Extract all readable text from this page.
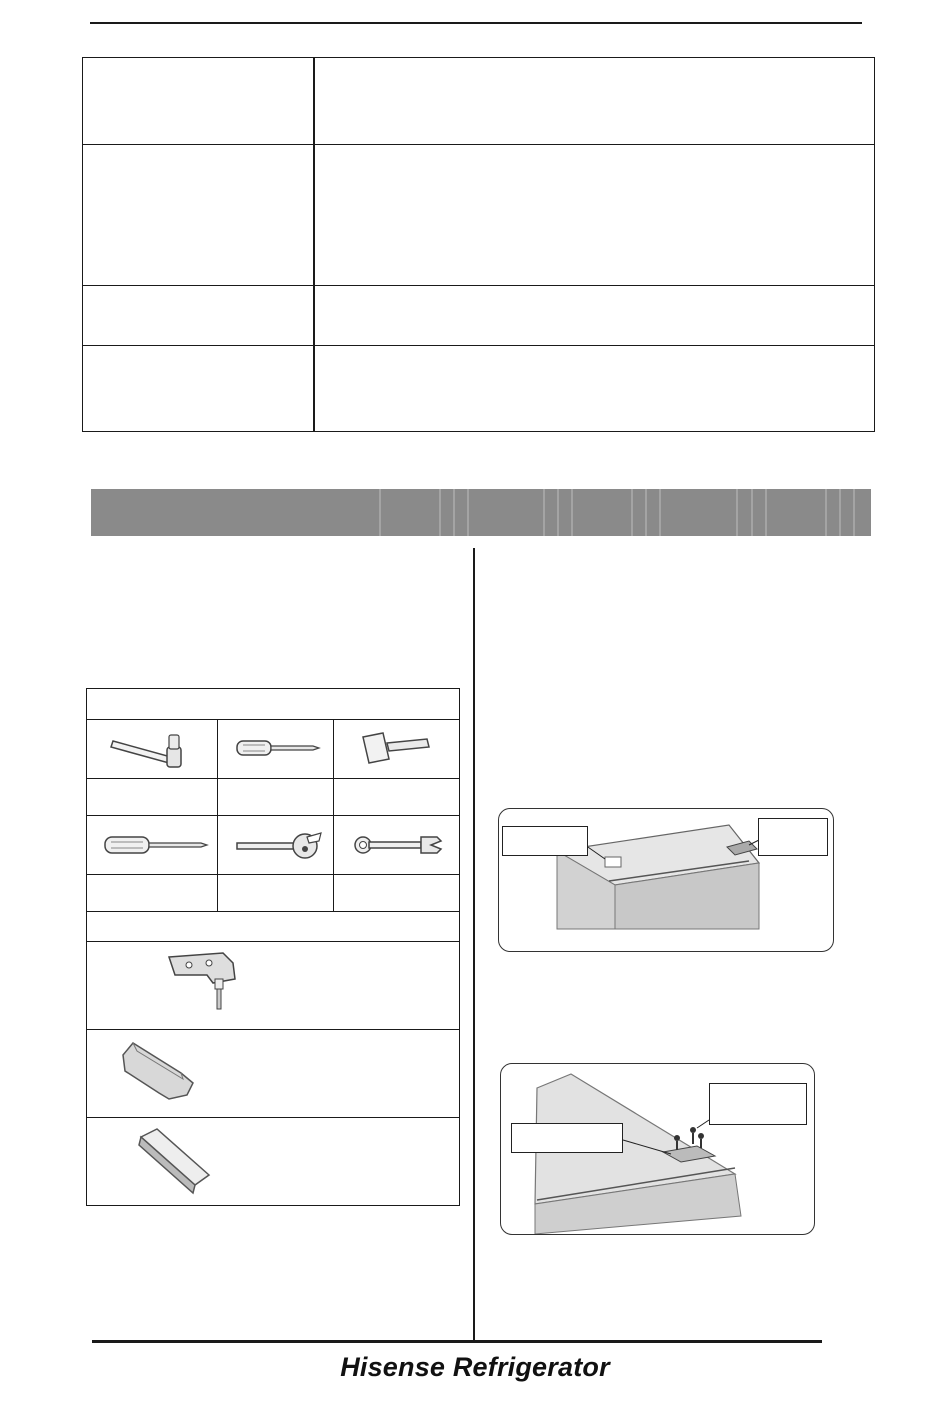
Hisense Refrigerator
